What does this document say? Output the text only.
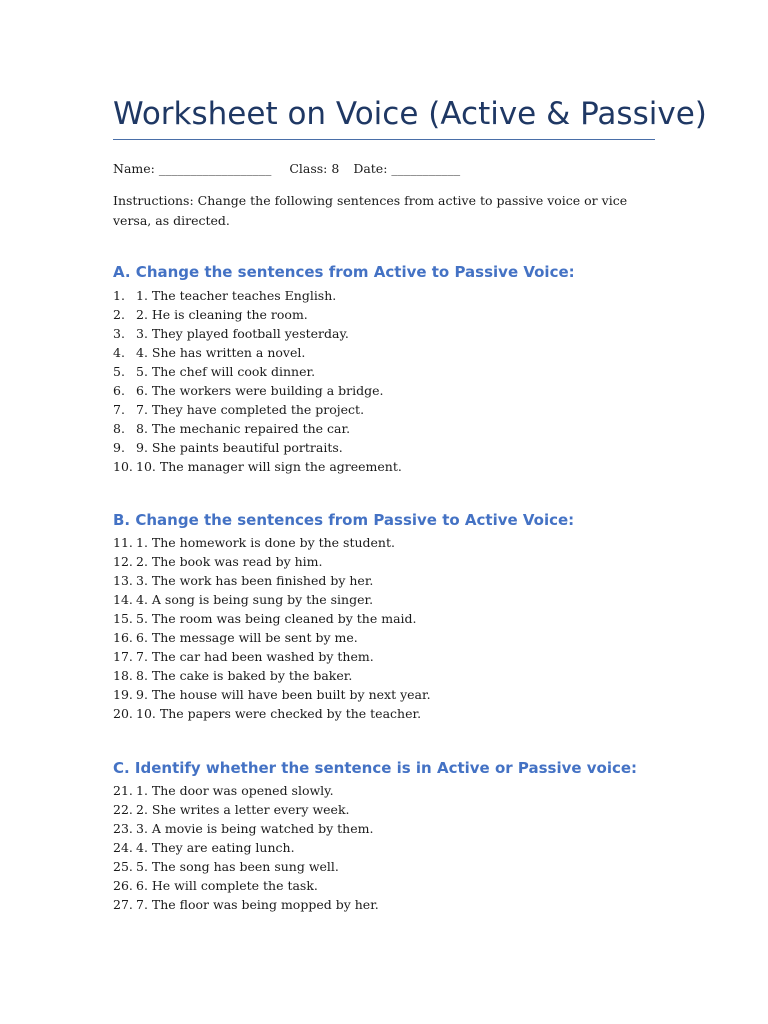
Worksheet on Voice (Active & Passive)
Name: __________________ Class: 8 Date: ___________
Instructions: Change the following sentences from active to passive voice or vice versa, as directed.
A. Change the sentences from Active to Passive Voice:
1. 1. The teacher teaches English.
2. 2. He is cleaning the room.
3. 3. They played football yesterday.
4. 4. She has written a novel.
5. 5. The chef will cook dinner.
6. 6. The workers were building a bridge.
7. 7. They have completed the project.
8. 8. The mechanic repaired the car.
9. 9. She paints beautiful portraits.
10. 10. The manager will sign the agreement.
B. Change the sentences from Passive to Active Voice:
11. 1. The homework is done by the student.
12. 2. The book was read by him.
13. 3. The work has been finished by her.
14. 4. A song is being sung by the singer.
15. 5. The room was being cleaned by the maid.
16. 6. The message will be sent by me.
17. 7. The car had been washed by them.
18. 8. The cake is baked by the baker.
19. 9. The house will have been built by next year.
20. 10. The papers were checked by the teacher.
C. Identify whether the sentence is in Active or Passive voice:
21. 1. The door was opened slowly.
22. 2. She writes a letter every week.
23. 3. A movie is being watched by them.
24. 4. They are eating lunch.
25. 5. The song has been sung well.
26. 6. He will complete the task.
27. 7. The floor was being mopped by her.
